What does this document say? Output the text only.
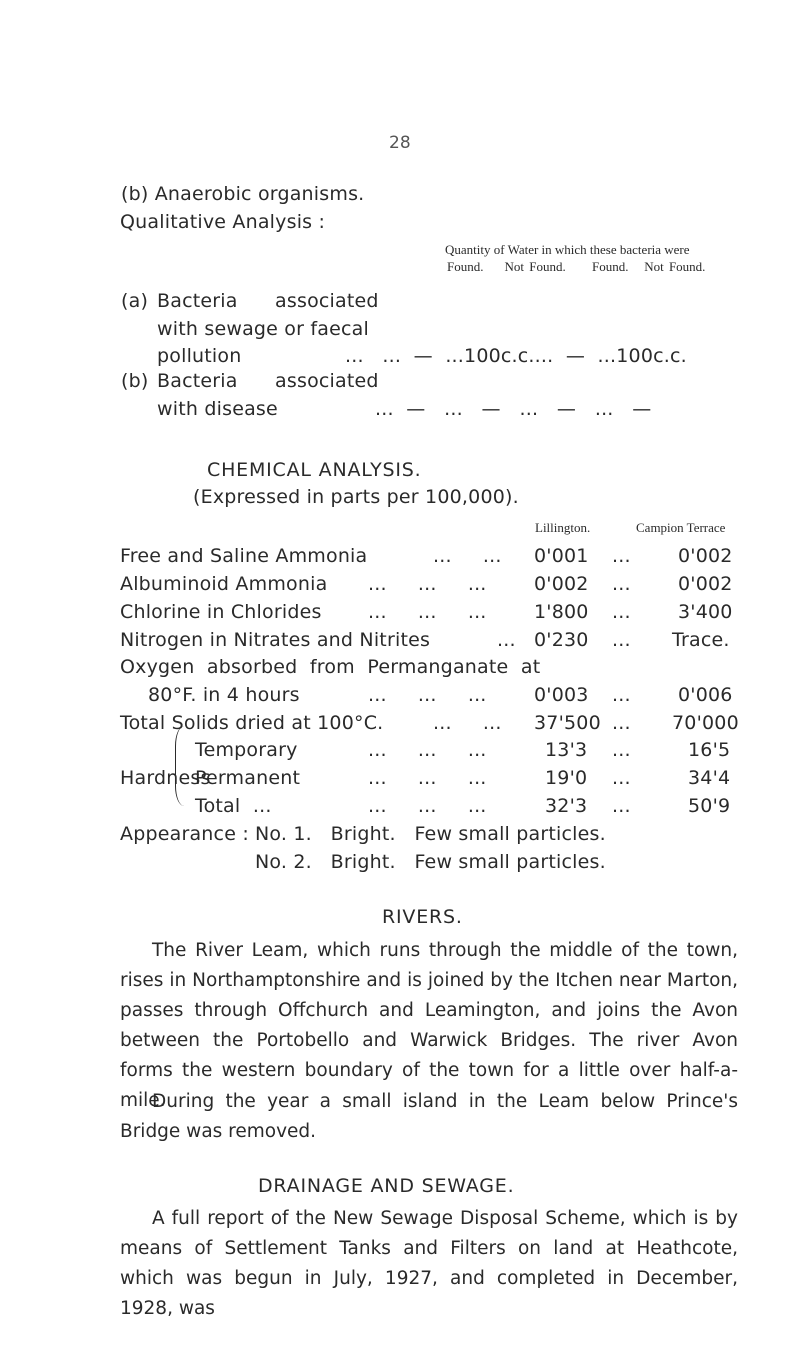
28
(b) Anaerobic organisms.
Qualitative Analysis :
Quantity of Water in which these bacteria were
Found.    Not Found.     Found.   Not Found.
(a) Bacteria      associated
with sewage or faecal
pollution	...   ...  —  ...100c.c....  —  ...100c.c.
(b) Bacteria      associated
with disease	...  —   ...   —   ...   —   ...   —
CHEMICAL ANALYSIS.
(Expressed in parts per 100,000).
Lillington.	Campion Terrace
Free and Saline Ammonia	...     ... 0'001 ... 0'002
Albuminoid Ammonia ...     ...     ... 0'002 ... 0'002
Chlorine in Chlorides ...     ...     ... 1'800 ... 3'400
Nitrogen in Nitrates and Nitrites	... 0'230 ... Trace.
Oxygen  absorbed  from  Permanganate  at
80°F. in 4 hours	...     ...     ... 0'003 ... 0'006
Total Solids dried at 100°C.	...     ... 37'500 ... 70'000
Hardness
Temporary	...     ...     ...	13'3 ...	16'5
Permanent	...     ...     ...	19'0 ...	34'4
Total  ...	...     ...     ...	32'3 ...	50'9
Appearance : No. 1.   Bright.   Few small particles.
No. 2.   Bright.   Few small particles.
RIVERS.
The River Leam, which runs through the middle of the town, rises in Northamptonshire and is joined by the Itchen near Marton, passes through Offchurch and Leamington, and joins the Avon between the Portobello and Warwick Bridges. The river Avon forms the western boundary of the town for a little over half-a-mile.
During the year a small island in the Leam below Prince's Bridge was removed.
DRAINAGE AND SEWAGE.
A full report of the New Sewage Disposal Scheme, which is by means of Settlement Tanks and Filters on land at Heathcote, which was begun in July, 1927, and completed in December, 1928, was
